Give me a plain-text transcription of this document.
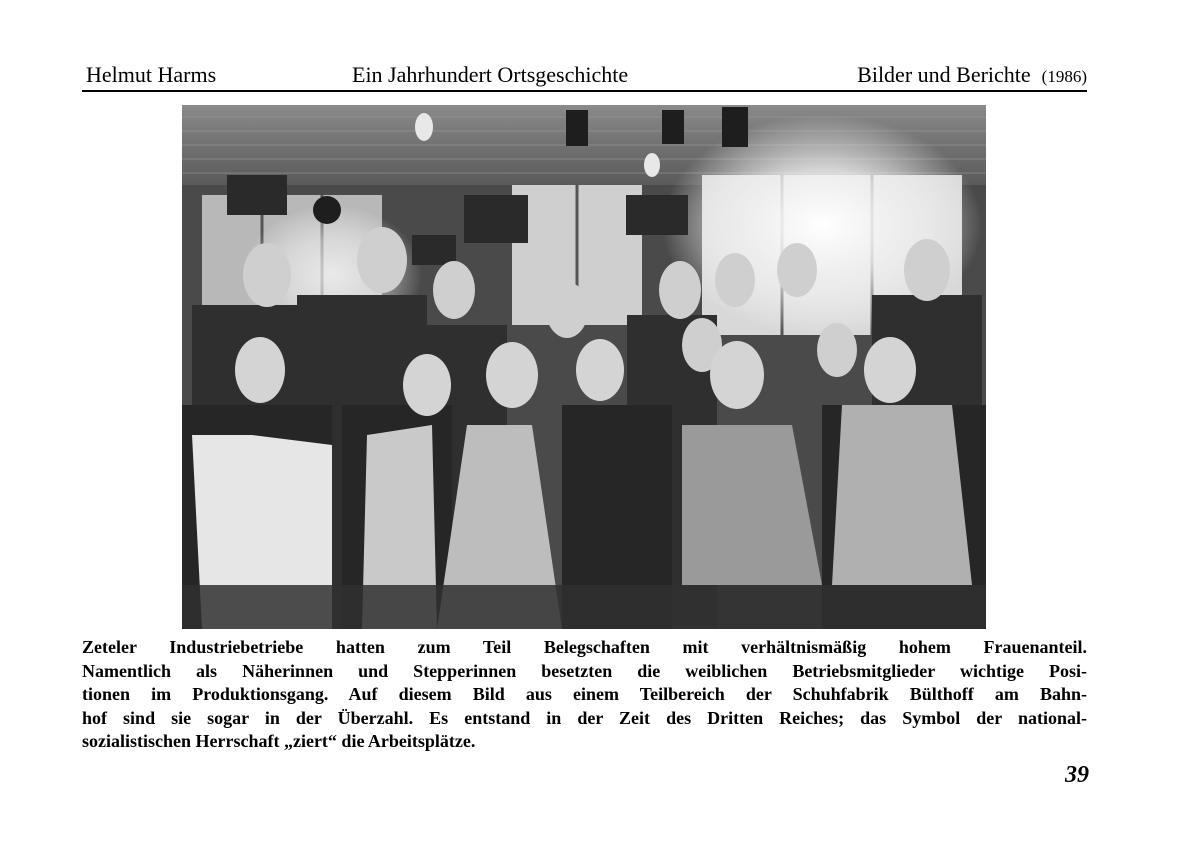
Helmut Harms	Ein Jahrhundert Ortsgeschichte	Bilder und Berichte (1986)
Zeteler Industriebetriebe hatten zum Teil Belegschaften mit verhältnismäßig hohem Frauenanteil.
Namentlich als Näherinnen und Stepperinnen besetzten die weiblichen Betriebsmitglieder wichtige Posi-
tionen im Produktionsgang. Auf diesem Bild aus einem Teilbereich der Schuhfabrik Bülthoff am Bahn-
hof sind sie sogar in der Überzahl. Es entstand in der Zeit des Dritten Reiches; das Symbol der national-
sozialistischen Herrschaft „ziert“ die Arbeitsplätze.
39
